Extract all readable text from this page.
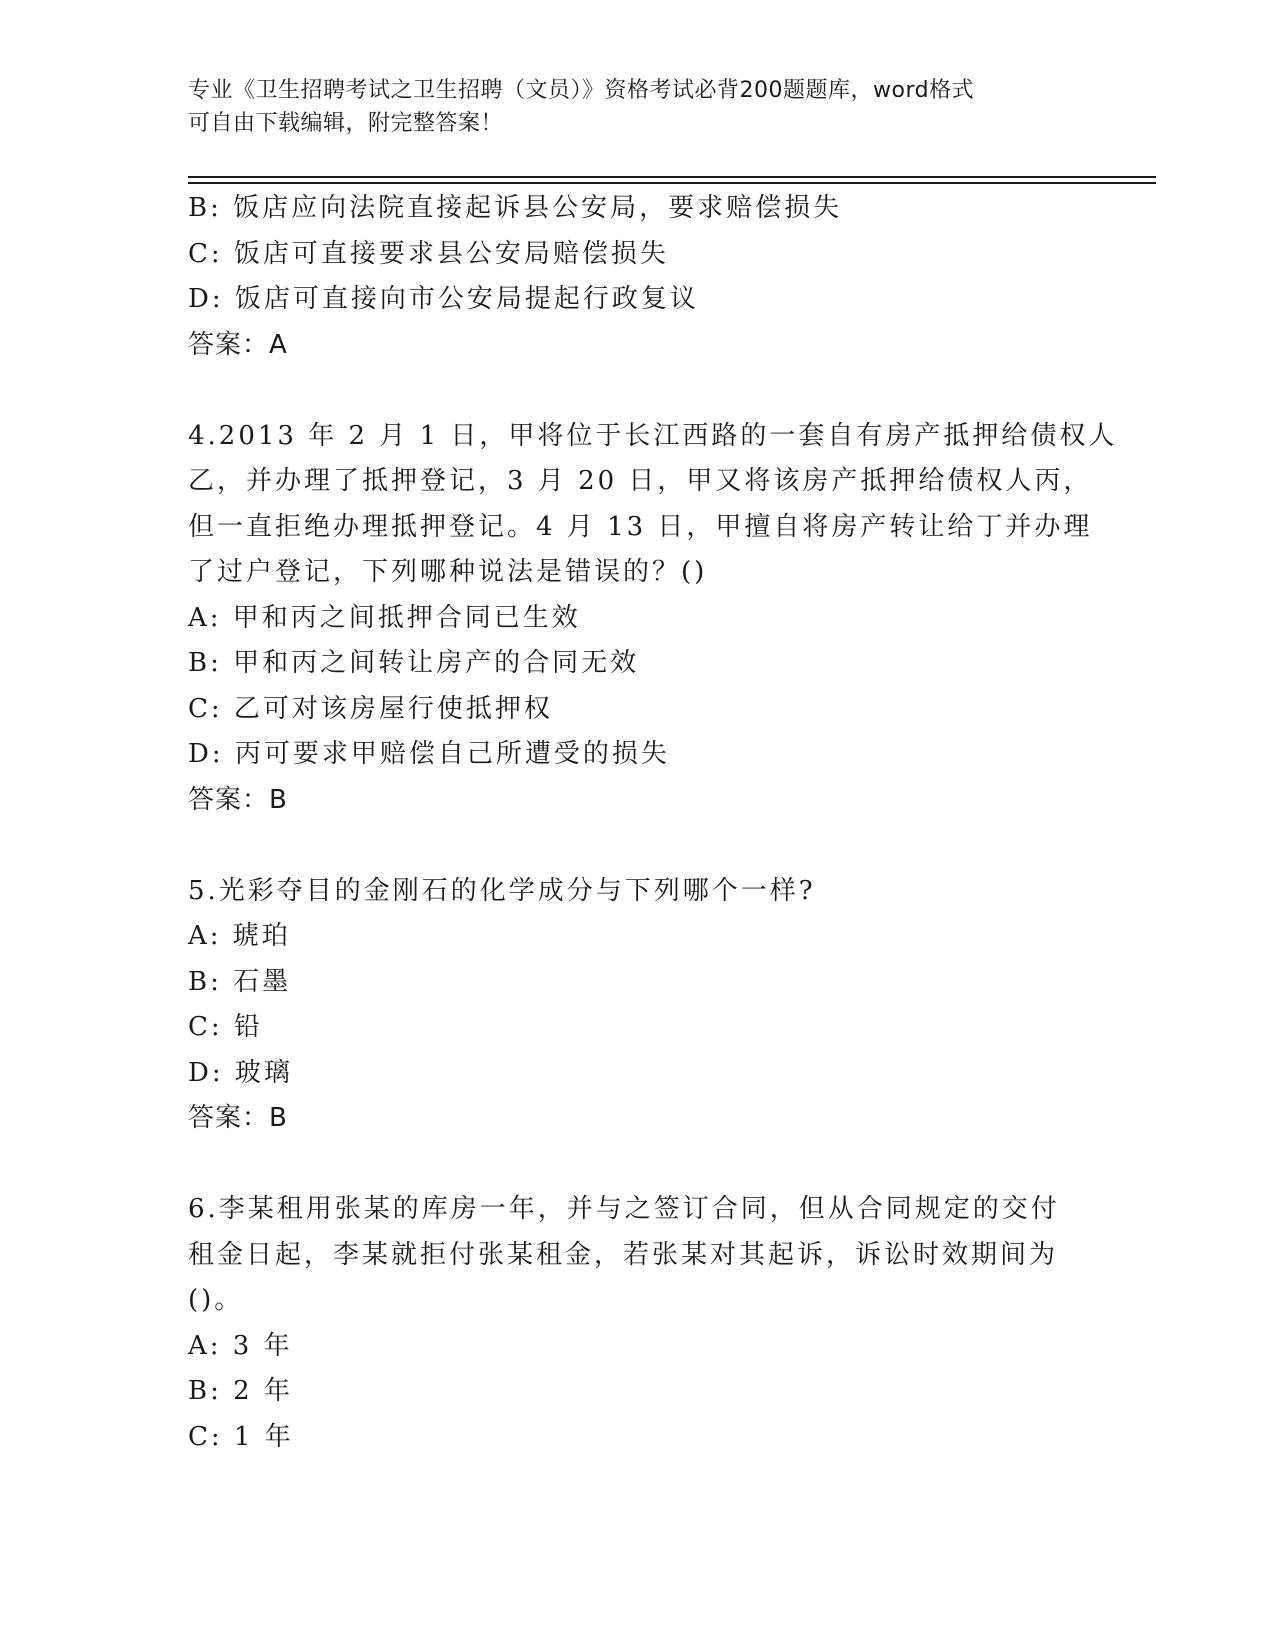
专业《卫生招聘考试之卫生招聘（文员）》资格考试必背200题题库，word格式
可自由下载编辑，附完整答案！
B: 饭店应向法院直接起诉县公安局，要求赔偿损失
C: 饭店可直接要求县公安局赔偿损失
D: 饭店可直接向市公安局提起行政复议
答案：A
4.2013 年 2 月 1 日，甲将位于长江西路的一套自有房产抵押给债权人
乙，并办理了抵押登记，3 月 20 日，甲又将该房产抵押给债权人丙，
但一直拒绝办理抵押登记。4 月 13 日，甲擅自将房产转让给丁并办理
了过户登记，下列哪种说法是错误的？()
A: 甲和丙之间抵押合同已生效
B: 甲和丙之间转让房产的合同无效
C: 乙可对该房屋行使抵押权
D: 丙可要求甲赔偿自己所遭受的损失
答案：B
5.光彩夺目的金刚石的化学成分与下列哪个一样?
A: 琥珀
B: 石墨
C: 铅
D: 玻璃
答案：B
6.李某租用张某的库房一年，并与之签订合同，但从合同规定的交付
租金日起，李某就拒付张某租金，若张某对其起诉，诉讼时效期间为
()。
A: 3 年
B: 2 年
C: 1 年
